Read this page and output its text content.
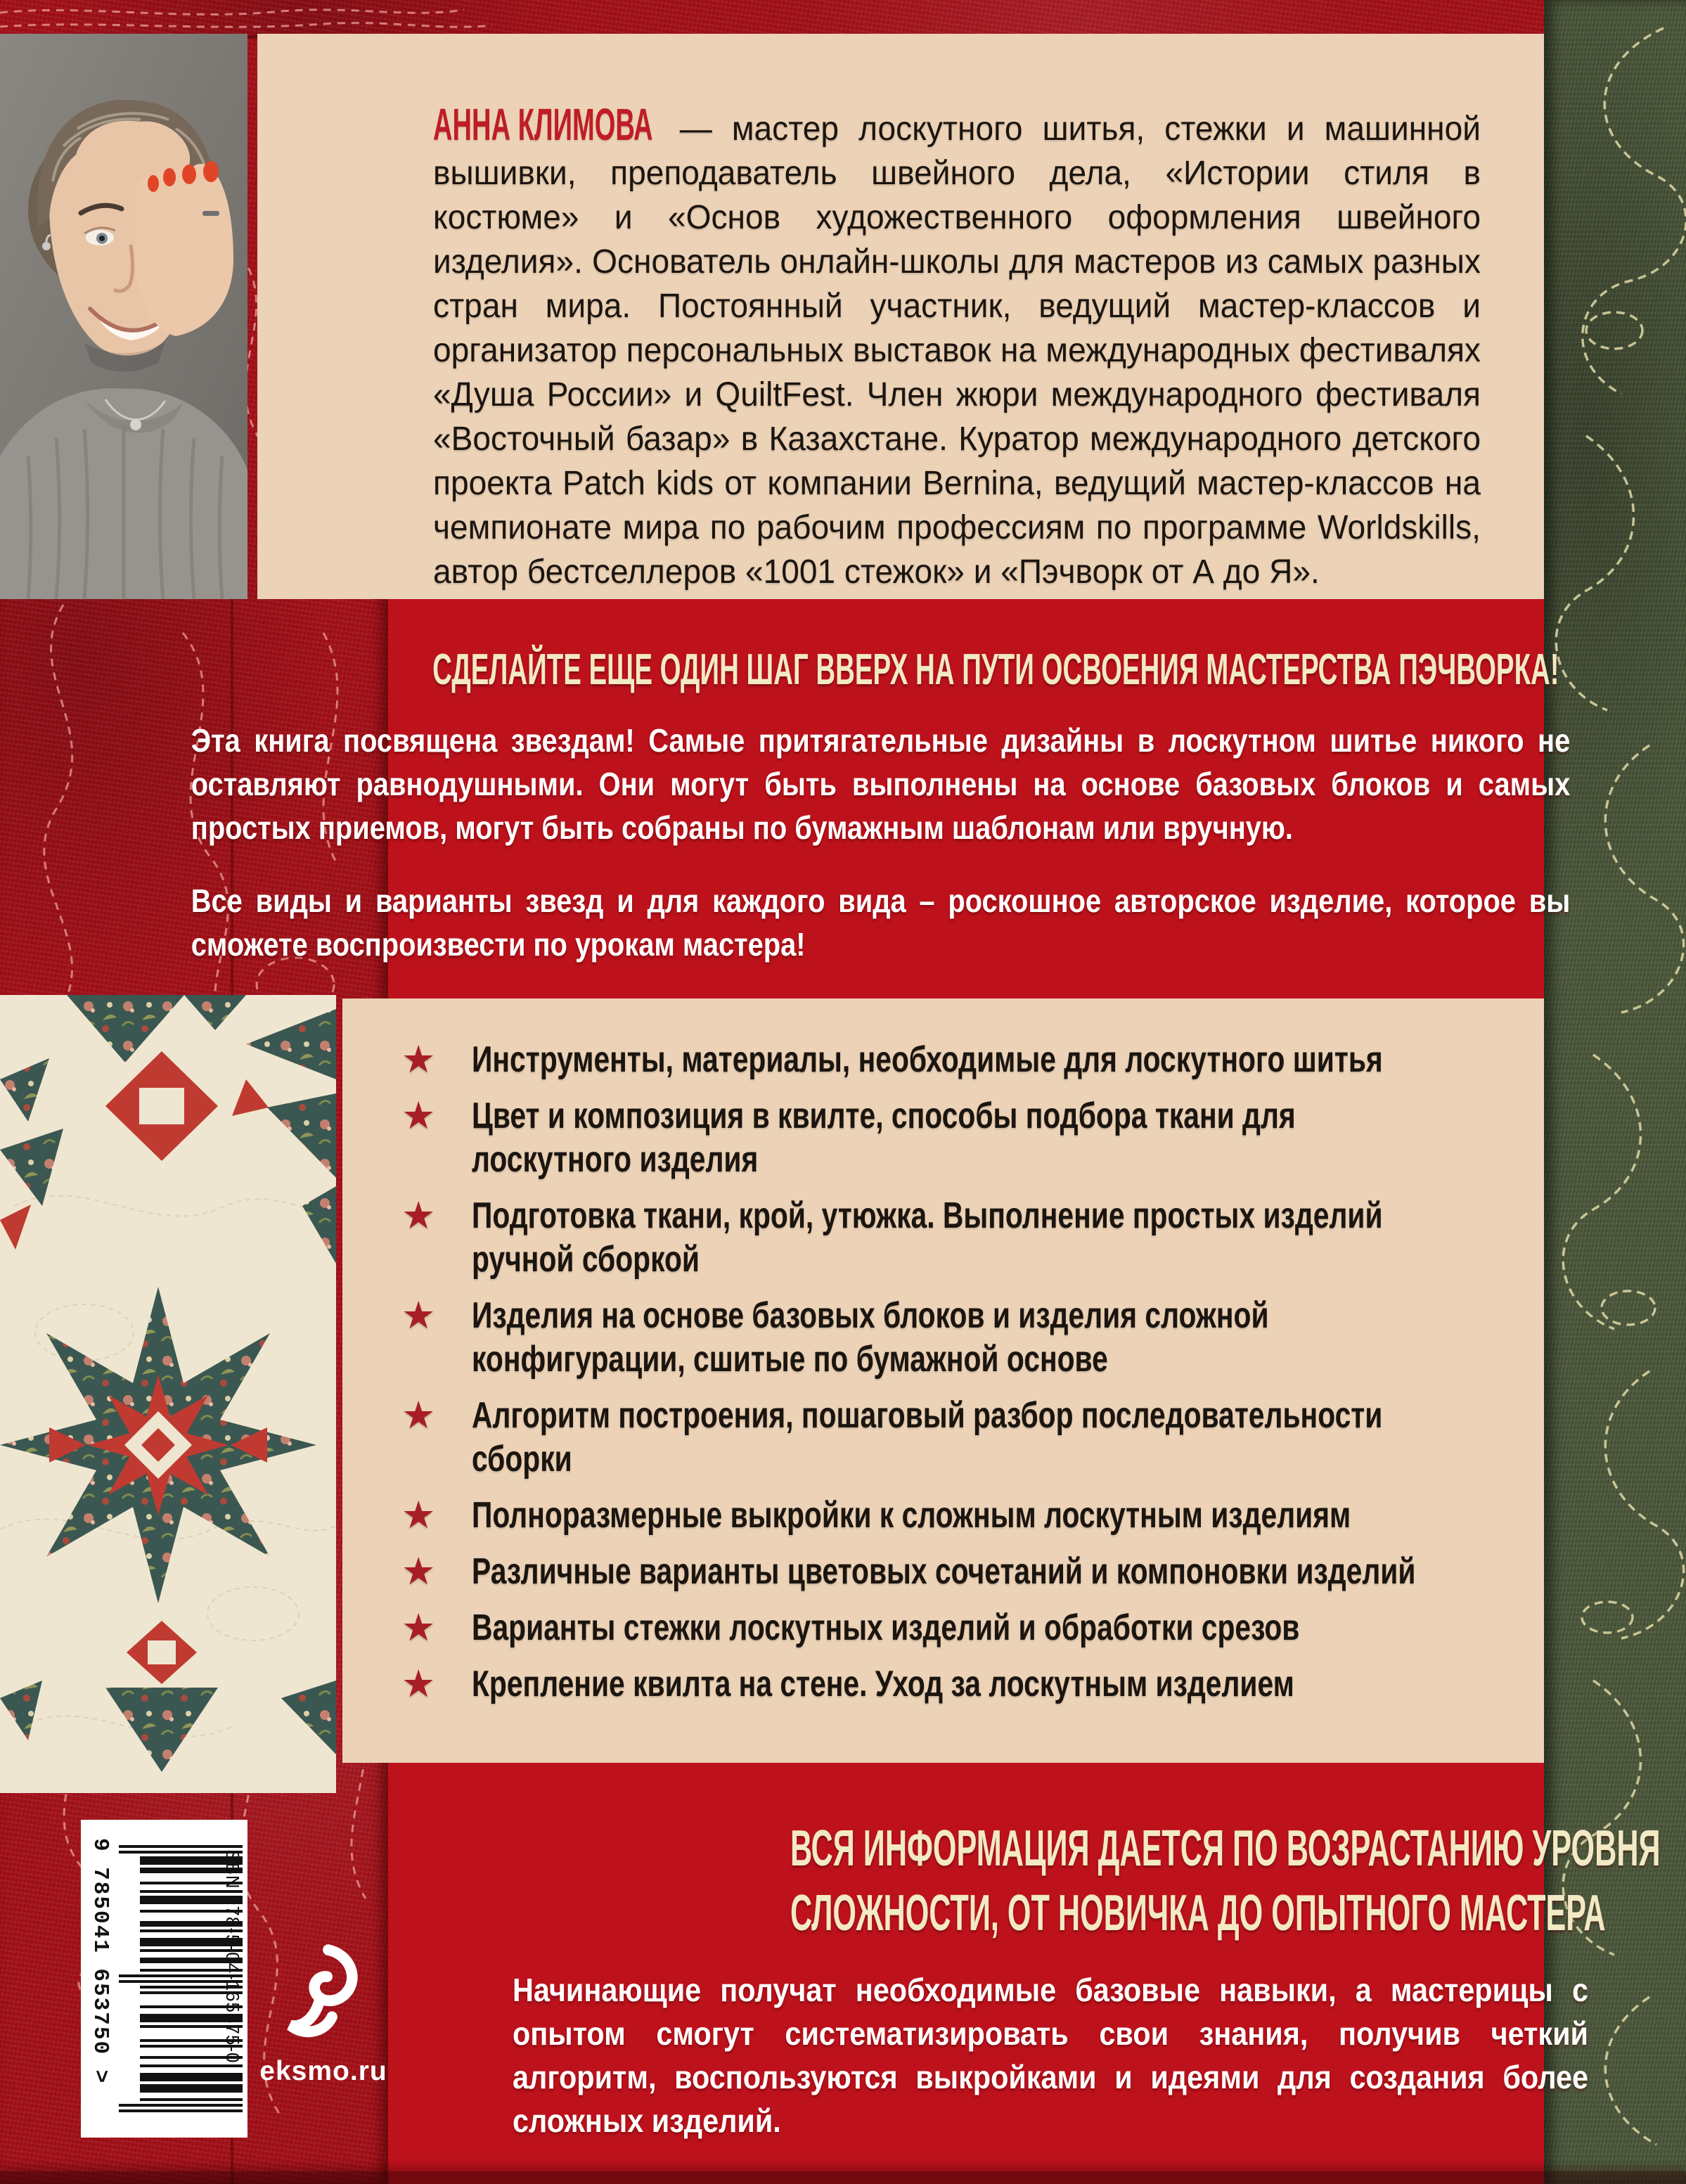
АННА КЛИМОВА — мастер лоскутного шитья, стежки и машинной вышивки, преподаватель швейного дела, «Истории стиля в костюме» и «Основ художественного оформления швейного изделия». Основатель онлайн-школы для мастеров из самых разных стран мира. Постоянный участник, ведущий мастер-классов и организатор персональных выставок на международных фестивалях «Душа России» и QuiltFest. Член жюри международного фестиваля «Восточный базар» в Казахстане. Куратор международного детского проекта Patch kids от компании Bernina, ведущий мастер-классов на чемпионате мира по рабочим профессиям по программе Worldskills, автор бестселлеров «1001 стежок» и «Пэчворк от А до Я».
СДЕЛАЙТЕ ЕЩЕ ОДИН ШАГ ВВЕРХ НА ПУТИ ОСВОЕНИЯ МАСТЕРСТВА ПЭЧВОРКА!
Эта книга посвящена звездам! Самые притягательные дизайны в лоскутном шитье никого не оставляют равнодушными. Они могут быть выполнены на основе базовых блоков и самых простых приемов, могут быть собраны по бумажным шаблонам или вручную.
Все виды и варианты звезд и для каждого вида – роскошное авторское изделие, которое вы сможете воспроизвести по урокам мастера!
★ Инструменты, материалы, необходимые для лоскутного шитья
★ Цвет и композиция в квилте, способы подбора ткани для лоскутного изделия
★ Подготовка ткани, крой, утюжка. Выполнение простых изделий ручной сборкой
★ Изделия на основе базовых блоков и изделия сложной конфигурации, сшитые по бумажной основе
★ Алгоритм построения, пошаговый разбор последовательности сборки
★ Полноразмерные выкройки к сложным лоскутным изделиям
★ Различные варианты цветовых сочетаний и компоновки изделий
★ Варианты стежки лоскутных изделий и обработки срезов
★ Крепление квилта на стене. Уход за лоскутным изделием
ВСЯ ИНФОРМАЦИЯ ДАЕТСЯ ПО ВОЗРАСТАНИЮ УРОВНЯ СЛОЖНОСТИ, ОТ НОВИЧКА ДО ОПЫТНОГО МАСТЕРА
Начинающие получат необходимые базовые навыки, а мастерицы с опытом смогут систематизировать свои знания, получив четкий алгоритм, воспользуются выкройками и идеями для создания более сложных изделий.
9 785041 653750 >	ISBN 978-5-04-165375-0
eksmo.ru
